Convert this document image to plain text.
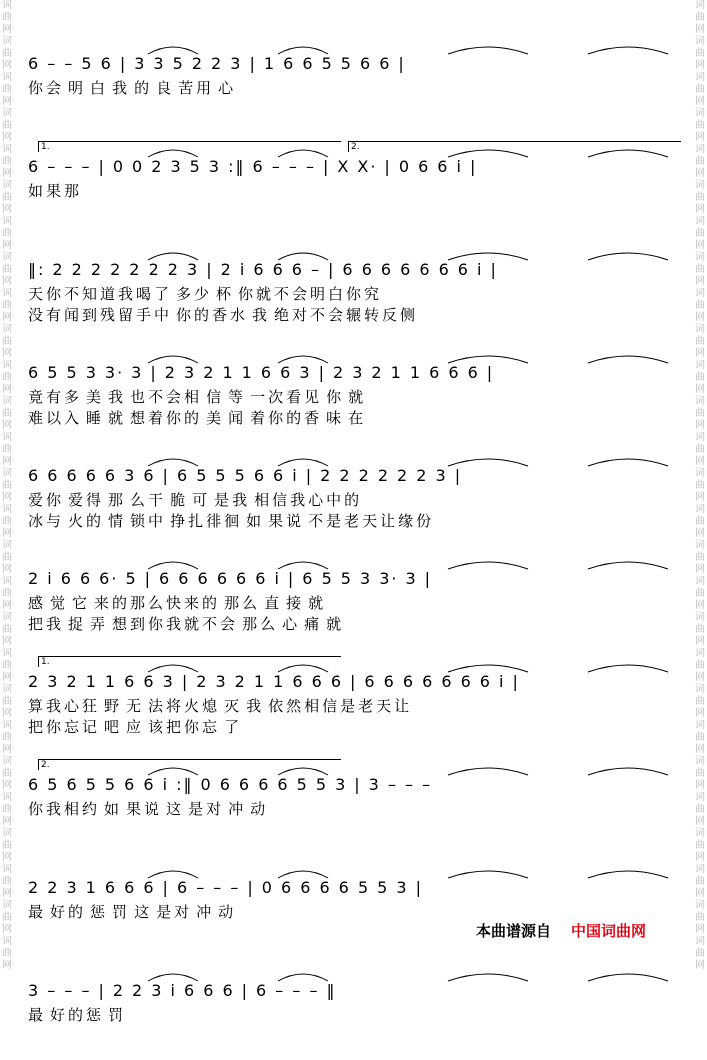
词曲网
词曲网
词曲网
词曲网
词曲网
词曲网
词曲网
词曲网
词曲网
词曲网
词曲网
词曲网
词曲网
词曲网
词曲网
词曲网
词曲网
词曲网
词曲网
词曲网
词曲网
词曲网
词曲网
词曲网
词曲网
词曲网
词曲网

词曲网
词曲网
词曲网
词曲网
词曲网
词曲网
词曲网
词曲网
词曲网
词曲网
词曲网
词曲网
词曲网
词曲网
词曲网
词曲网
词曲网
词曲网
词曲网
词曲网
词曲网
词曲网
词曲网
词曲网
词曲网
词曲网
词曲网

6 – – 5 6 | 3 3 5 2 2 3 | 1 6 6 5 5 6 6 |
你会 明 白 我 的 良 苦用 心
1.	2.
6 – – – | 0 0 2 3 5 3 :‖ 6 – – – | X X· | 0 6 6 i |
如果那
‖: 2 2 2 2 2 2 2 3 | 2 i 6 6 6 – | 6 6 6 6 6 6 6 i |
天你不知道我喝了 多少 杯 你就不会明白你究
没有闻到残留手中 你的香水 我 绝对不会辗转反侧
6 5 5 3 3· 3 | 2 3 2 1 1 6 6 3 | 2 3 2 1 1 6 6 6 |
竟有多 美 我 也不会相 信 等 一次看见 你 就
难以入 睡 就 想着你的 美 闻 着你的香 味 在
6 6 6 6 6 3 6 | 6 5 5 5 6 6 i | 2 2 2 2 2 2 3 |
爱你 爱得 那 么干 脆 可 是我 相信我心中的
冰与 火的 情 锁中 挣扎徘徊 如 果说 不是老天让缘份
2 i 6 6 6· 5 | 6 6 6 6 6 6 i | 6 5 5 3 3· 3 |
感 觉 它 来的那么快来的 那么 直 接 就
把我 捉 弄 想到你我就不会 那么 心 痛 就
1.
2 3 2 1 1 6 6 3 | 2 3 2 1 1 6 6 6 | 6 6 6 6 6 6 6 i |
算我心狂 野 无 法将火熄 灭 我 依然相信是老天让
把你忘记 吧 应 该把你忘 了
2.
6 5 6 5 5 6 6 i :‖ 0 6 6 6 6 5 5 3 | 3 – – –
你我相约 如 果说 这 是对 冲 动
2 2 3 1 6 6 6 | 6 – – – | 0 6 6 6 6 5 5 3 |
最 好的 惩 罚 这 是对 冲 动
3 – – – | 2 2 3 i 6 6 6 | 6 – – – ‖
最 好的惩 罚
本曲谱源自 中国词曲网
